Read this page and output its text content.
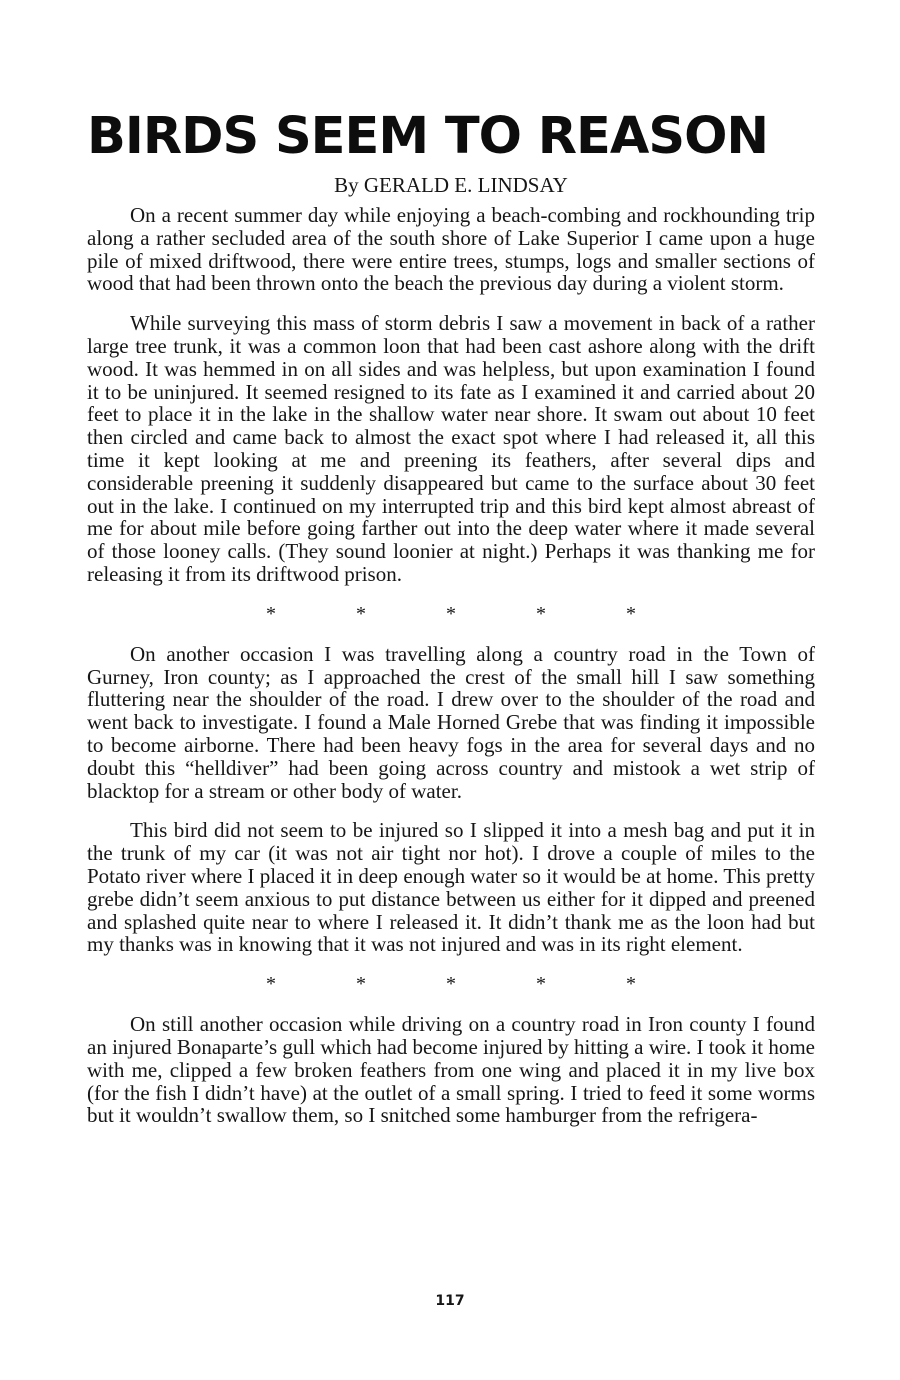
BIRDS SEEM TO REASON
By GERALD E. LINDSAY

On a recent summer day while enjoying a beach-combing and rockhounding trip along a rather secluded area of the south shore of Lake Superior I came upon a huge pile of mixed driftwood, there were entire trees, stumps, logs and smaller sections of wood that had been thrown onto the beach the previous day during a violent storm.

While surveying this mass of storm debris I saw a movement in back of a rather large tree trunk, it was a common loon that had been cast ashore along with the drift wood. It was hemmed in on all sides and was helpless, but upon examination I found it to be uninjured. It seemed resigned to its fate as I examined it and carried about 20 feet to place it in the lake in the shallow water near shore. It swam out about 10 feet then circled and came back to almost the exact spot where I had released it, all this time it kept looking at me and preening its feathers, after several dips and considerable preening it suddenly disappeared but came to the surface about 30 feet out in the lake. I continued on my interrupted trip and this bird kept almost abreast of me for about mile before going farther out into the deep water where it made several of those looney calls. (They sound loonier at night.) Perhaps it was thanking me for releasing it from its driftwood prison.

*	*	*	*	*

On another occasion I was travelling along a country road in the Town of Gurney, Iron county; as I approached the crest of the small hill I saw something fluttering near the shoulder of the road. I drew over to the shoulder of the road and went back to investigate. I found a Male Horned Grebe that was finding it impossible to become airborne. There had been heavy fogs in the area for several days and no doubt this “helldiver” had been going across country and mistook a wet strip of blacktop for a stream or other body of water.

This bird did not seem to be injured so I slipped it into a mesh bag and put it in the trunk of my car (it was not air tight nor hot). I drove a couple of miles to the Potato river where I placed it in deep enough water so it would be at home. This pretty grebe didn’t seem anxious to put distance between us either for it dipped and preened and splashed quite near to where I released it. It didn’t thank me as the loon had but my thanks was in knowing that it was not injured and was in its right element.

*	*	*	*	*

On still another occasion while driving on a country road in Iron county I found an injured Bonaparte’s gull which had become injured by hitting a wire. I took it home with me, clipped a few broken feathers from one wing and placed it in my live box (for the fish I didn’t have) at the outlet of a small spring. I tried to feed it some worms but it wouldn’t swallow them, so I snitched some hamburger from the refrigera-

117
